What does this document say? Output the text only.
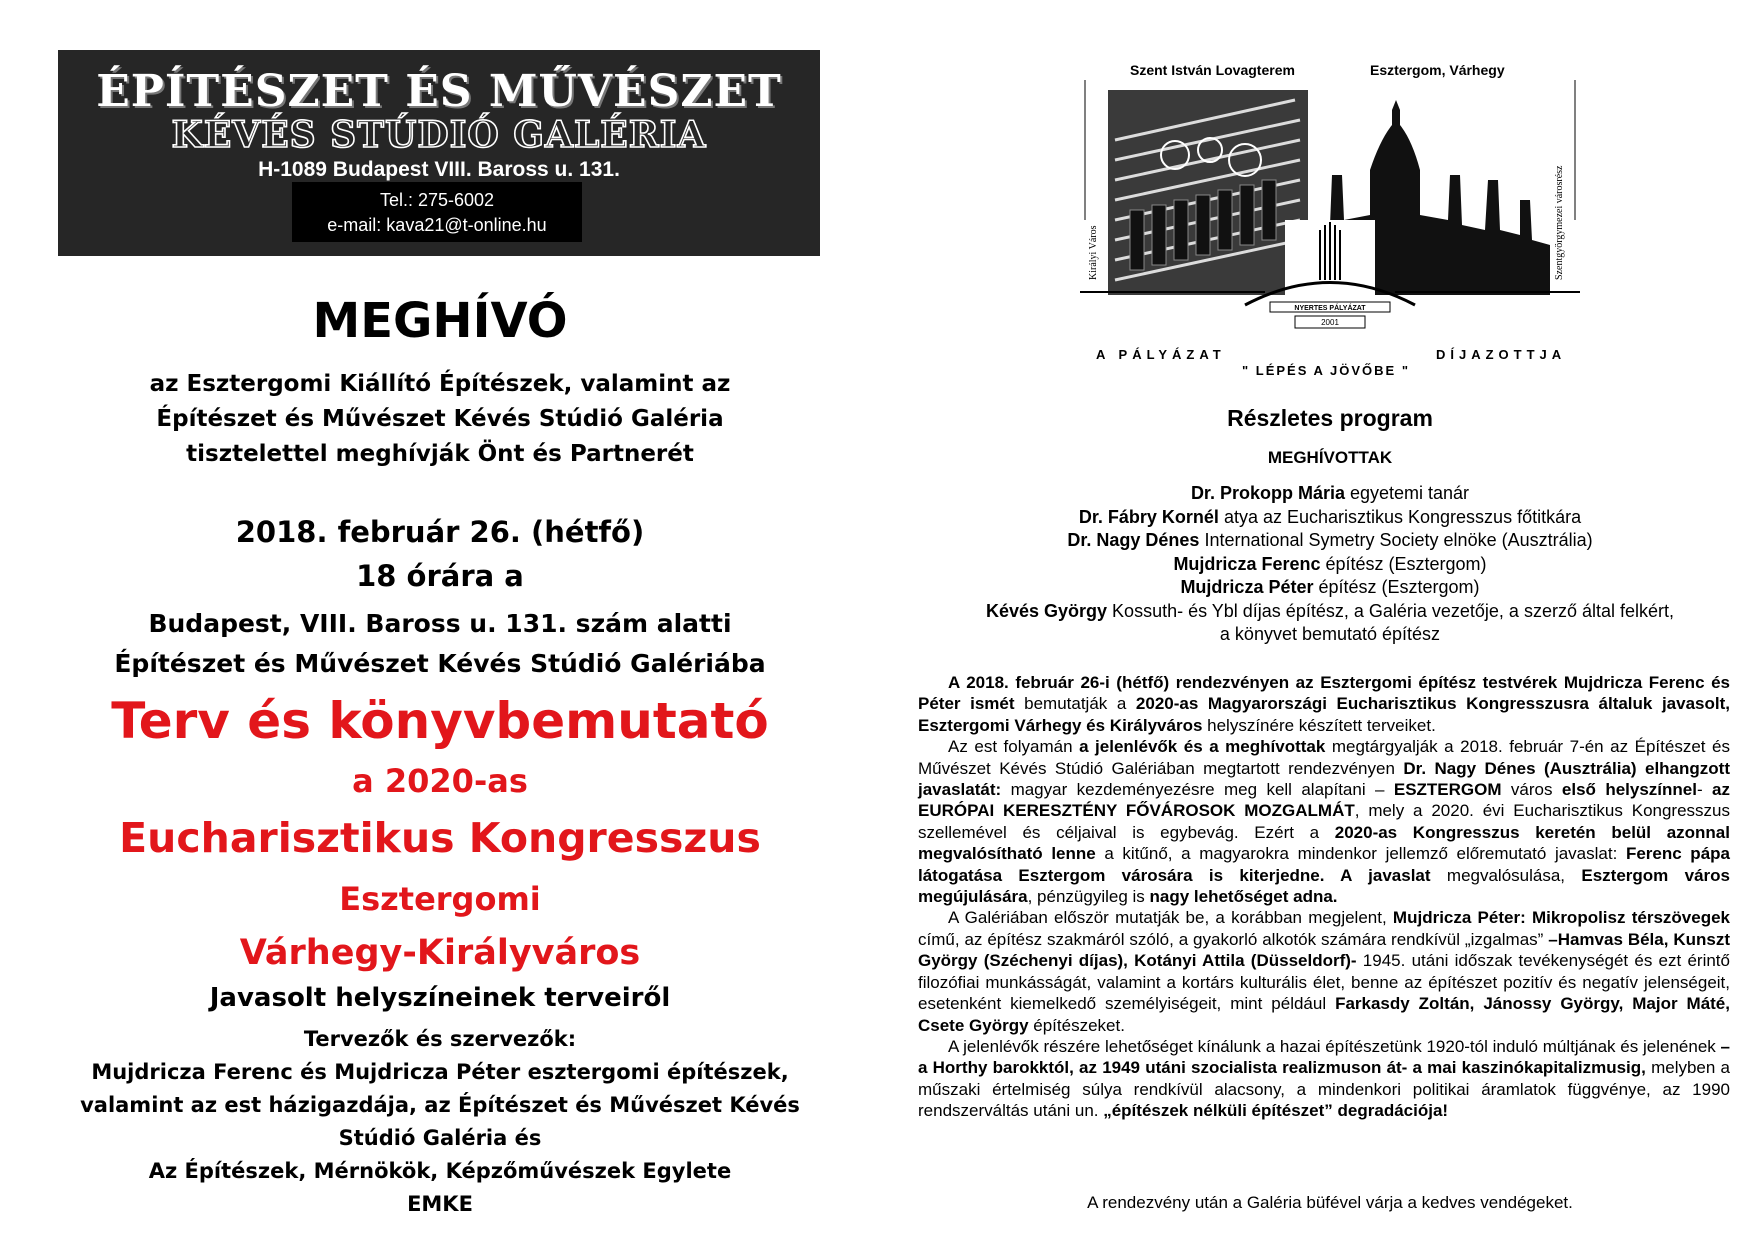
ÉPÍTÉSZET ÉS MŰVÉSZET
KÉVÉS STÚDIÓ GALÉRIA
H-1089 Budapest VIII. Baross u. 131.
Tel.: 275-6002
e-mail: kava21@t-online.hu
MEGHÍVÓ
az Esztergomi Kiállító Építészek, valamint az
Építészet és Művészet Kévés Stúdió Galéria
tisztelettel meghívják Önt és Partnerét
2018. február 26. (hétfő)
18 órára a
Budapest, VIII. Baross u. 131. szám alatti
Építészet és Művészet Kévés Stúdió Galériába
Terv és könyvbemutató
a 2020-as
Eucharisztikus Kongresszus
Esztergomi
Várhegy-Királyváros
Javasolt helyszíneinek terveiről
Tervezők és szervezők:
Mujdricza Ferenc és Mujdricza Péter esztergomi építészek,
valamint az est házigazdája, az Építészet és Művészet Kévés
Stúdió Galéria és
Az Építészek, Mérnökök, Képzőművészek Egylete
EMKE
Szent István Lovagterem	Esztergom, Várhegy
Királyi Város	Szentgyörgymezei városrész
NYERTES PÁLYÁZAT
2001
A PÁLYÁZAT
" LÉPÉS A JÖVŐBE "
DÍJAZOTTJA
Részletes program
MEGHÍVOTTAK
Dr. Prokopp Mária egyetemi tanár
Dr. Fábry Kornél atya az Eucharisztikus Kongresszus főtitkára
Dr. Nagy Dénes International Symetry Society elnöke (Ausztrália)
Mujdricza Ferenc építész (Esztergom)
Mujdricza Péter építész (Esztergom)
Kévés György Kossuth- és Ybl díjas építész, a Galéria vezetője, a szerző által felkért,
a könyvet bemutató építész

A 2018. február 26-i (hétfő) rendezvényen az Esztergomi építész testvérek Mujdricza Ferenc és Péter ismét bemutatják a 2020-as Magyarországi Eucharisztikus Kongresszusra általuk javasolt, Esztergomi Várhegy és Királyváros helyszínére készített terveiket.

Az est folyamán a jelenlévők és a meghívottak megtárgyalják a 2018. február 7-én az Építészet és Művészet Kévés Stúdió Galériában megtartott rendezvényen Dr. Nagy Dénes (Ausztrália) elhangzott javaslatát: magyar kezdeményezésre meg kell alapítani – ESZTERGOM város első helyszínnel- az EURÓPAI KERESZTÉNY FŐVÁROSOK MOZGALMÁT, mely a 2020. évi Eucharisztikus Kongresszus szellemével és céljaival is egybevág. Ezért a 2020-as Kongresszus keretén belül azonnal megvalósítható lenne a kitűnő, a magyarokra mindenkor jellemző előremutató javaslat: Ferenc pápa látogatása Esztergom városára is kiterjedne. A javaslat megvalósulása, Esztergom város megújulására, pénzügyileg is nagy lehetőséget adna.

A Galériában először mutatják be, a korábban megjelent, Mujdricza Péter: Mikropolisz térszövegek című, az építész szakmáról szóló, a gyakorló alkotók számára rendkívül „izgalmas” –Hamvas Béla, Kunszt György (Széchenyi díjas), Kotányi Attila (Düsseldorf)- 1945. utáni időszak tevékenységét és ezt érintő filozófiai munkásságát, valamint a kortárs kulturális élet, benne az építészet pozitív és negatív jelenségeit, esetenként kiemelkedő személyiségeit, mint például Farkasdy Zoltán, Jánossy György, Major Máté, Csete György építészeket.

A jelenlévők részére lehetőséget kínálunk a hazai építészetünk 1920-tól induló múltjának és jelenének –a Horthy barokktól, az 1949 utáni szocialista realizmuson át- a mai kaszinókapitalizmusig, melyben a műszaki értelmiség súlya rendkívül alacsony, a mindenkori politikai áramlatok függvénye, az 1990 rendszerváltás utáni un. „építészek nélküli építészet” degradációja!

A rendezvény után a Galéria büfével várja a kedves vendégeket.
